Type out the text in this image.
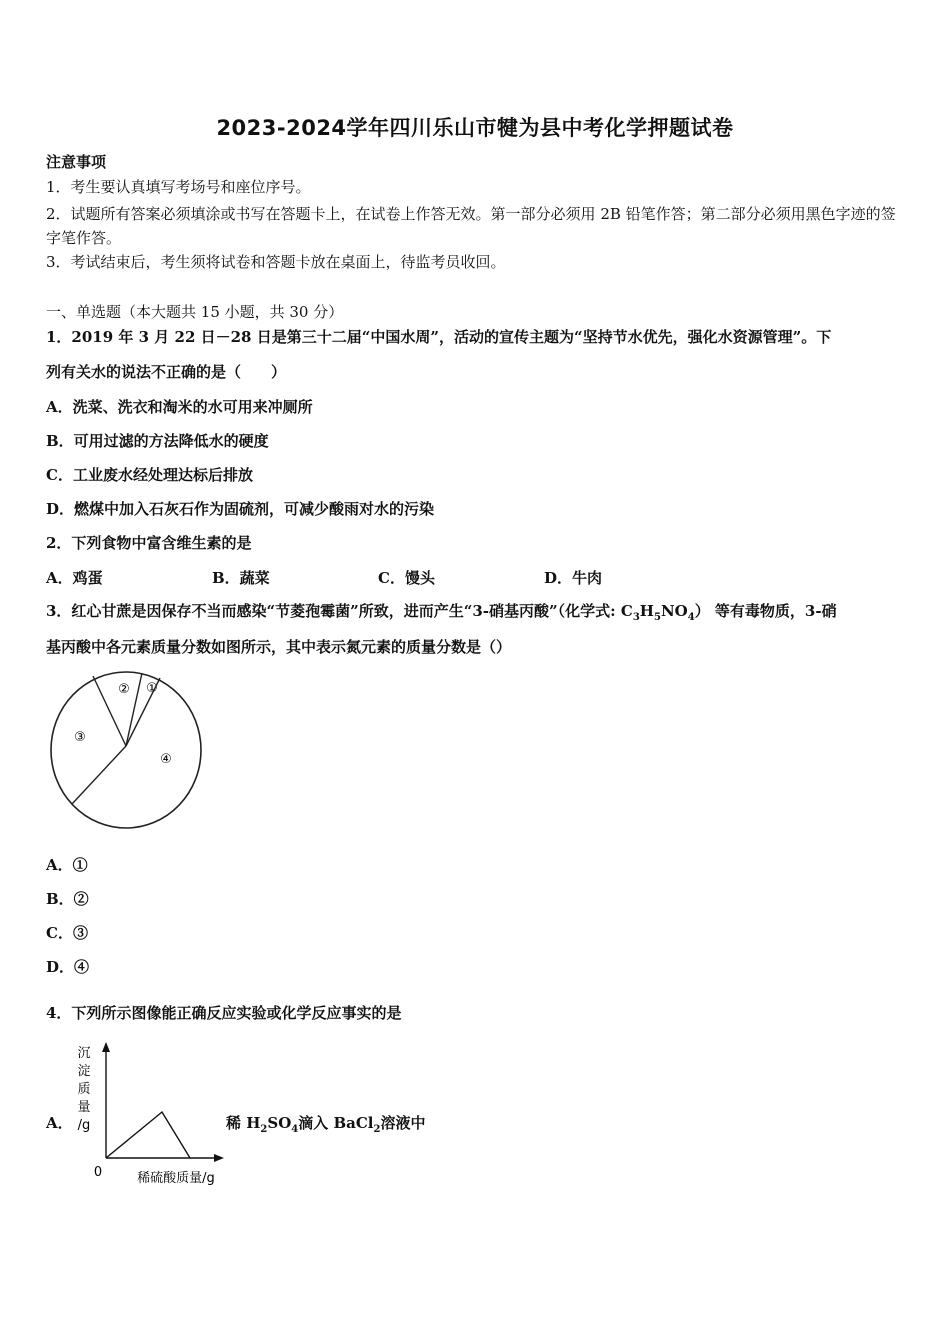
2023-2024学年四川乐山市犍为县中考化学押题试卷
注意事项
1．考生要认真填写考场号和座位序号。
2．试题所有答案必须填涂或书写在答题卡上，在试卷上作答无效。第一部分必须用 2B 铅笔作答；第二部分必须用黑色字迹的签字笔作答。
3．考试结束后，考生须将试卷和答题卡放在桌面上，待监考员收回。
一、单选题（本大题共 15 小题，共 30 分）
1．2019 年 3 月 22 日－28 日是第三十二届“中国水周”，活动的宣传主题为“坚持节水优先，强化水资源管理”。下
列有关水的说法不正确的是（　　）
A．洗菜、洗衣和淘米的水可用来冲厕所
B．可用过滤的方法降低水的硬度
C．工业废水经处理达标后排放
D．燃煤中加入石灰石作为固硫剂，可减少酸雨对水的污染
2．下列食物中富含维生素的是
A．鸡蛋	B．蔬菜	C．馒头	D．牛肉
3．红心甘蔗是因保存不当而感染“节菱孢霉菌”所致，进而产生“3-硝基丙酸”（化学式: $C_3H_5NO_4$） 等有毒物质，3-硝
基丙酸中各元素质量分数如图所示，其中表示氮元素的质量分数是（）
①
②
③
④
A．①
B．②
C．③
D．④
4．下列所示图像能正确反应实验或化学反应事实的是
A．
沉
淀
质
量
/g
0	稀硫酸质量/g
稀 $H_2SO_4$滴入 BaCl$_2$溶液中
